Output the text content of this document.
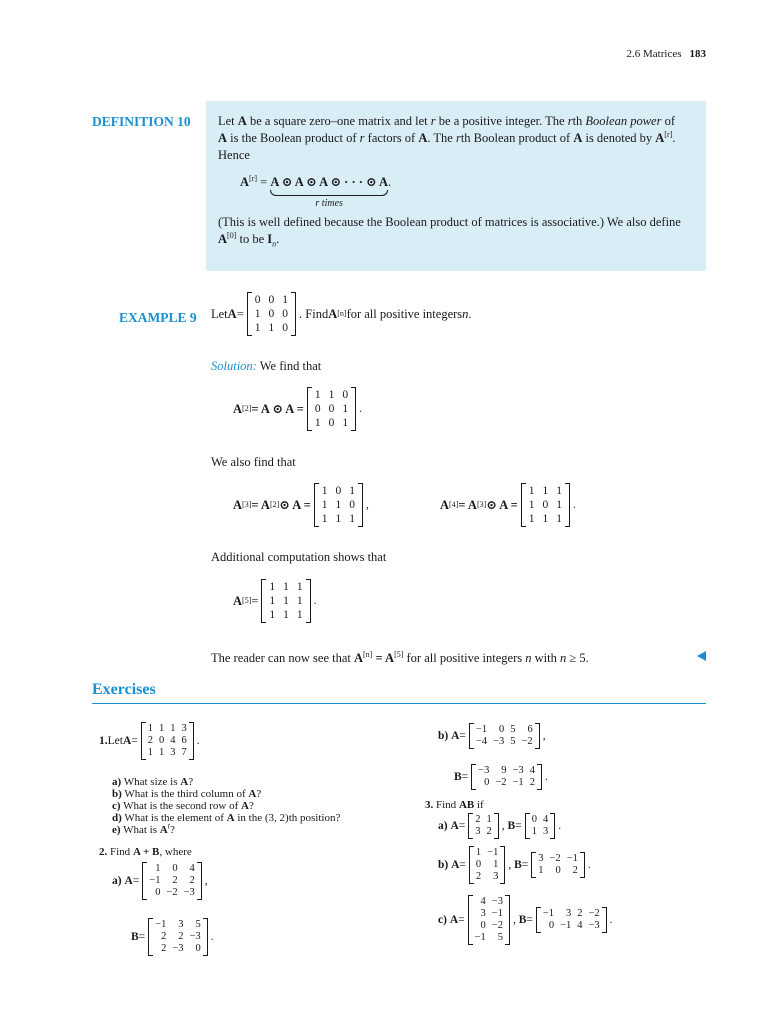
2.6 Matrices 183
DEFINITION 10 Let A be a square zero–one matrix and let r be a positive integer. The rth Boolean power of
A is the Boolean product of r factors of A. The rth Boolean product of A is denoted by A[r].
Hence
A[r] = A ⊙ A ⊙ A ⊙ · · · ⊙ A
r times
.
(This is well defined because the Boolean product of matrices is associative.) We also define
A[0] to be $I_n$.
EXAMPLE 9 Let A =
0	0	1
1	0	0
1	1	0
. Find A [n] for all positive integers n .
Solution: We find that
A [2] = A ⊙ A =
1	1	0
0	0	1
1	0	1
.
We also find that
A [3] = A [2] ⊙ A =
1	0	1
1	1	0
1	1	1
,	A [4] = A [3] ⊙ A =
1	1	1
1	0	1
1	1	1
.
Additional computation shows that
A [5] =
1	1	1
1	1	1
1	1	1
.
The reader can now see that A[n] = A[5] for all positive integers n with n ≥ 5.
Exercises
1. Let A =
1	1	1	3
2	0	4	6
1	1	3	7
.
a) What size is A?
b) What is the third column of A?
c) What is the second row of A?
d) What is the element of A in the (3, 2)th position?
e) What is $A^t$?
2. Find A + B, where
a)
A =
1	0	4
−1	2	2
0	−2	−3
,
B =
−1	3	5
2	2	−3
2	−3	0
.
b)
A =
−1	0	5	6
−4	−3	5	−2 ,
B =
−3	9	−3	4
0	−2	−1	2 .
3. Find AB if
a)
A =
2	1
3	2 ,
B =
0	4
1	3 .
b)
A =
1	−1
0	1
2	3
,
B =
3	−2	−1
1	0	2 .
c)
A =
4	−3
3	−1
0	−2
−1	5
,
B =
−1	3	2	−2
0	−1	4	−3 .
